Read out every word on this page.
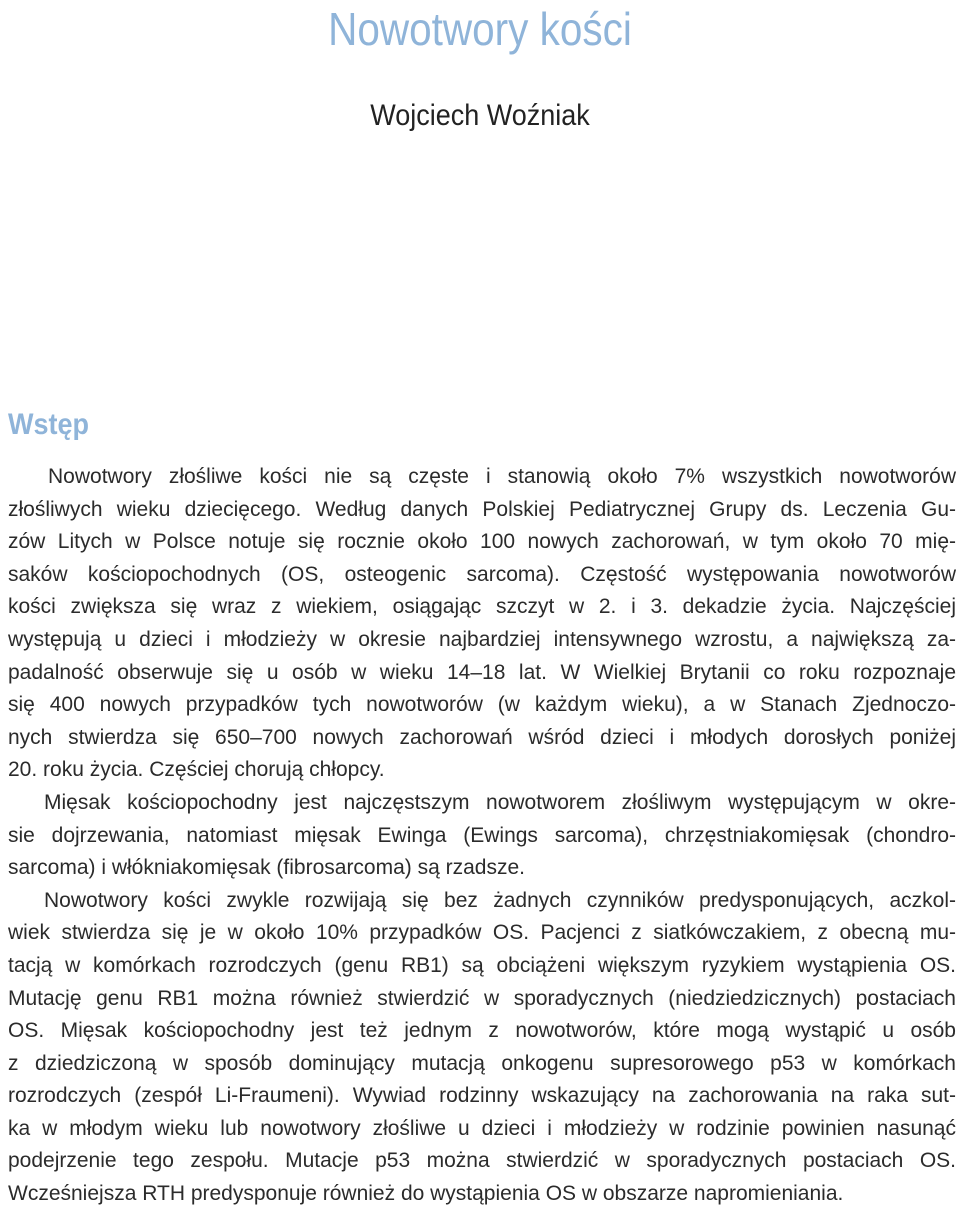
Nowotwory kości
Wojciech Woźniak
Wstęp
Nowotwory złośliwe kości nie są częste i stanowią około 7% wszystkich nowotworów
złośliwych wieku dziecięcego. Według danych Polskiej Pediatrycznej Grupy ds. Leczenia Gu-
zów Litych w Polsce notuje się rocznie około 100 nowych zachorowań, w tym około 70 mię-
saków kościopochodnych (OS, osteogenic sarcoma). Częstość występowania nowotworów
kości zwiększa się wraz z wiekiem, osiągając szczyt w 2. i 3. dekadzie życia. Najczęściej
występują u dzieci i młodzieży w okresie najbardziej intensywnego wzrostu, a największą za-
padalność obserwuje się u osób w wieku 14–18 lat. W Wielkiej Brytanii co roku rozpoznaje
się 400 nowych przypadków tych nowotworów (w każdym wieku), a w Stanach Zjednoczo-
nych stwierdza się 650–700 nowych zachorowań wśród dzieci i młodych dorosłych poniżej
20. roku życia. Częściej chorują chłopcy.
Mięsak kościopochodny jest najczęstszym nowotworem złośliwym występującym w okre-
sie dojrzewania, natomiast mięsak Ewinga (Ewings sarcoma), chrzęstniakomięsak (chondro-
sarcoma) i włókniakomięsak (fibrosarcoma) są rzadsze.
Nowotwory kości zwykle rozwijają się bez żadnych czynników predysponujących, aczkol-
wiek stwierdza się je w około 10% przypadków OS. Pacjenci z siatkówczakiem, z obecną mu-
tacją w komórkach rozrodczych (genu RB1) są obciążeni większym ryzykiem wystąpienia OS.
Mutację genu RB1 można również stwierdzić w sporadycznych (niedziedzicznych) postaciach
OS. Mięsak kościopochodny jest też jednym z nowotworów, które mogą wystąpić u osób
z dziedziczoną w sposób dominujący mutacją onkogenu supresorowego p53 w komórkach
rozrodczych (zespół Li-Fraumeni). Wywiad rodzinny wskazujący na zachorowania na raka sut-
ka w młodym wieku lub nowotwory złośliwe u dzieci i młodzieży w rodzinie powinien nasunąć
podejrzenie tego zespołu. Mutacje p53 można stwierdzić w sporadycznych postaciach OS.
Wcześniejsza RTH predysponuje również do wystąpienia OS w obszarze napromieniania.
